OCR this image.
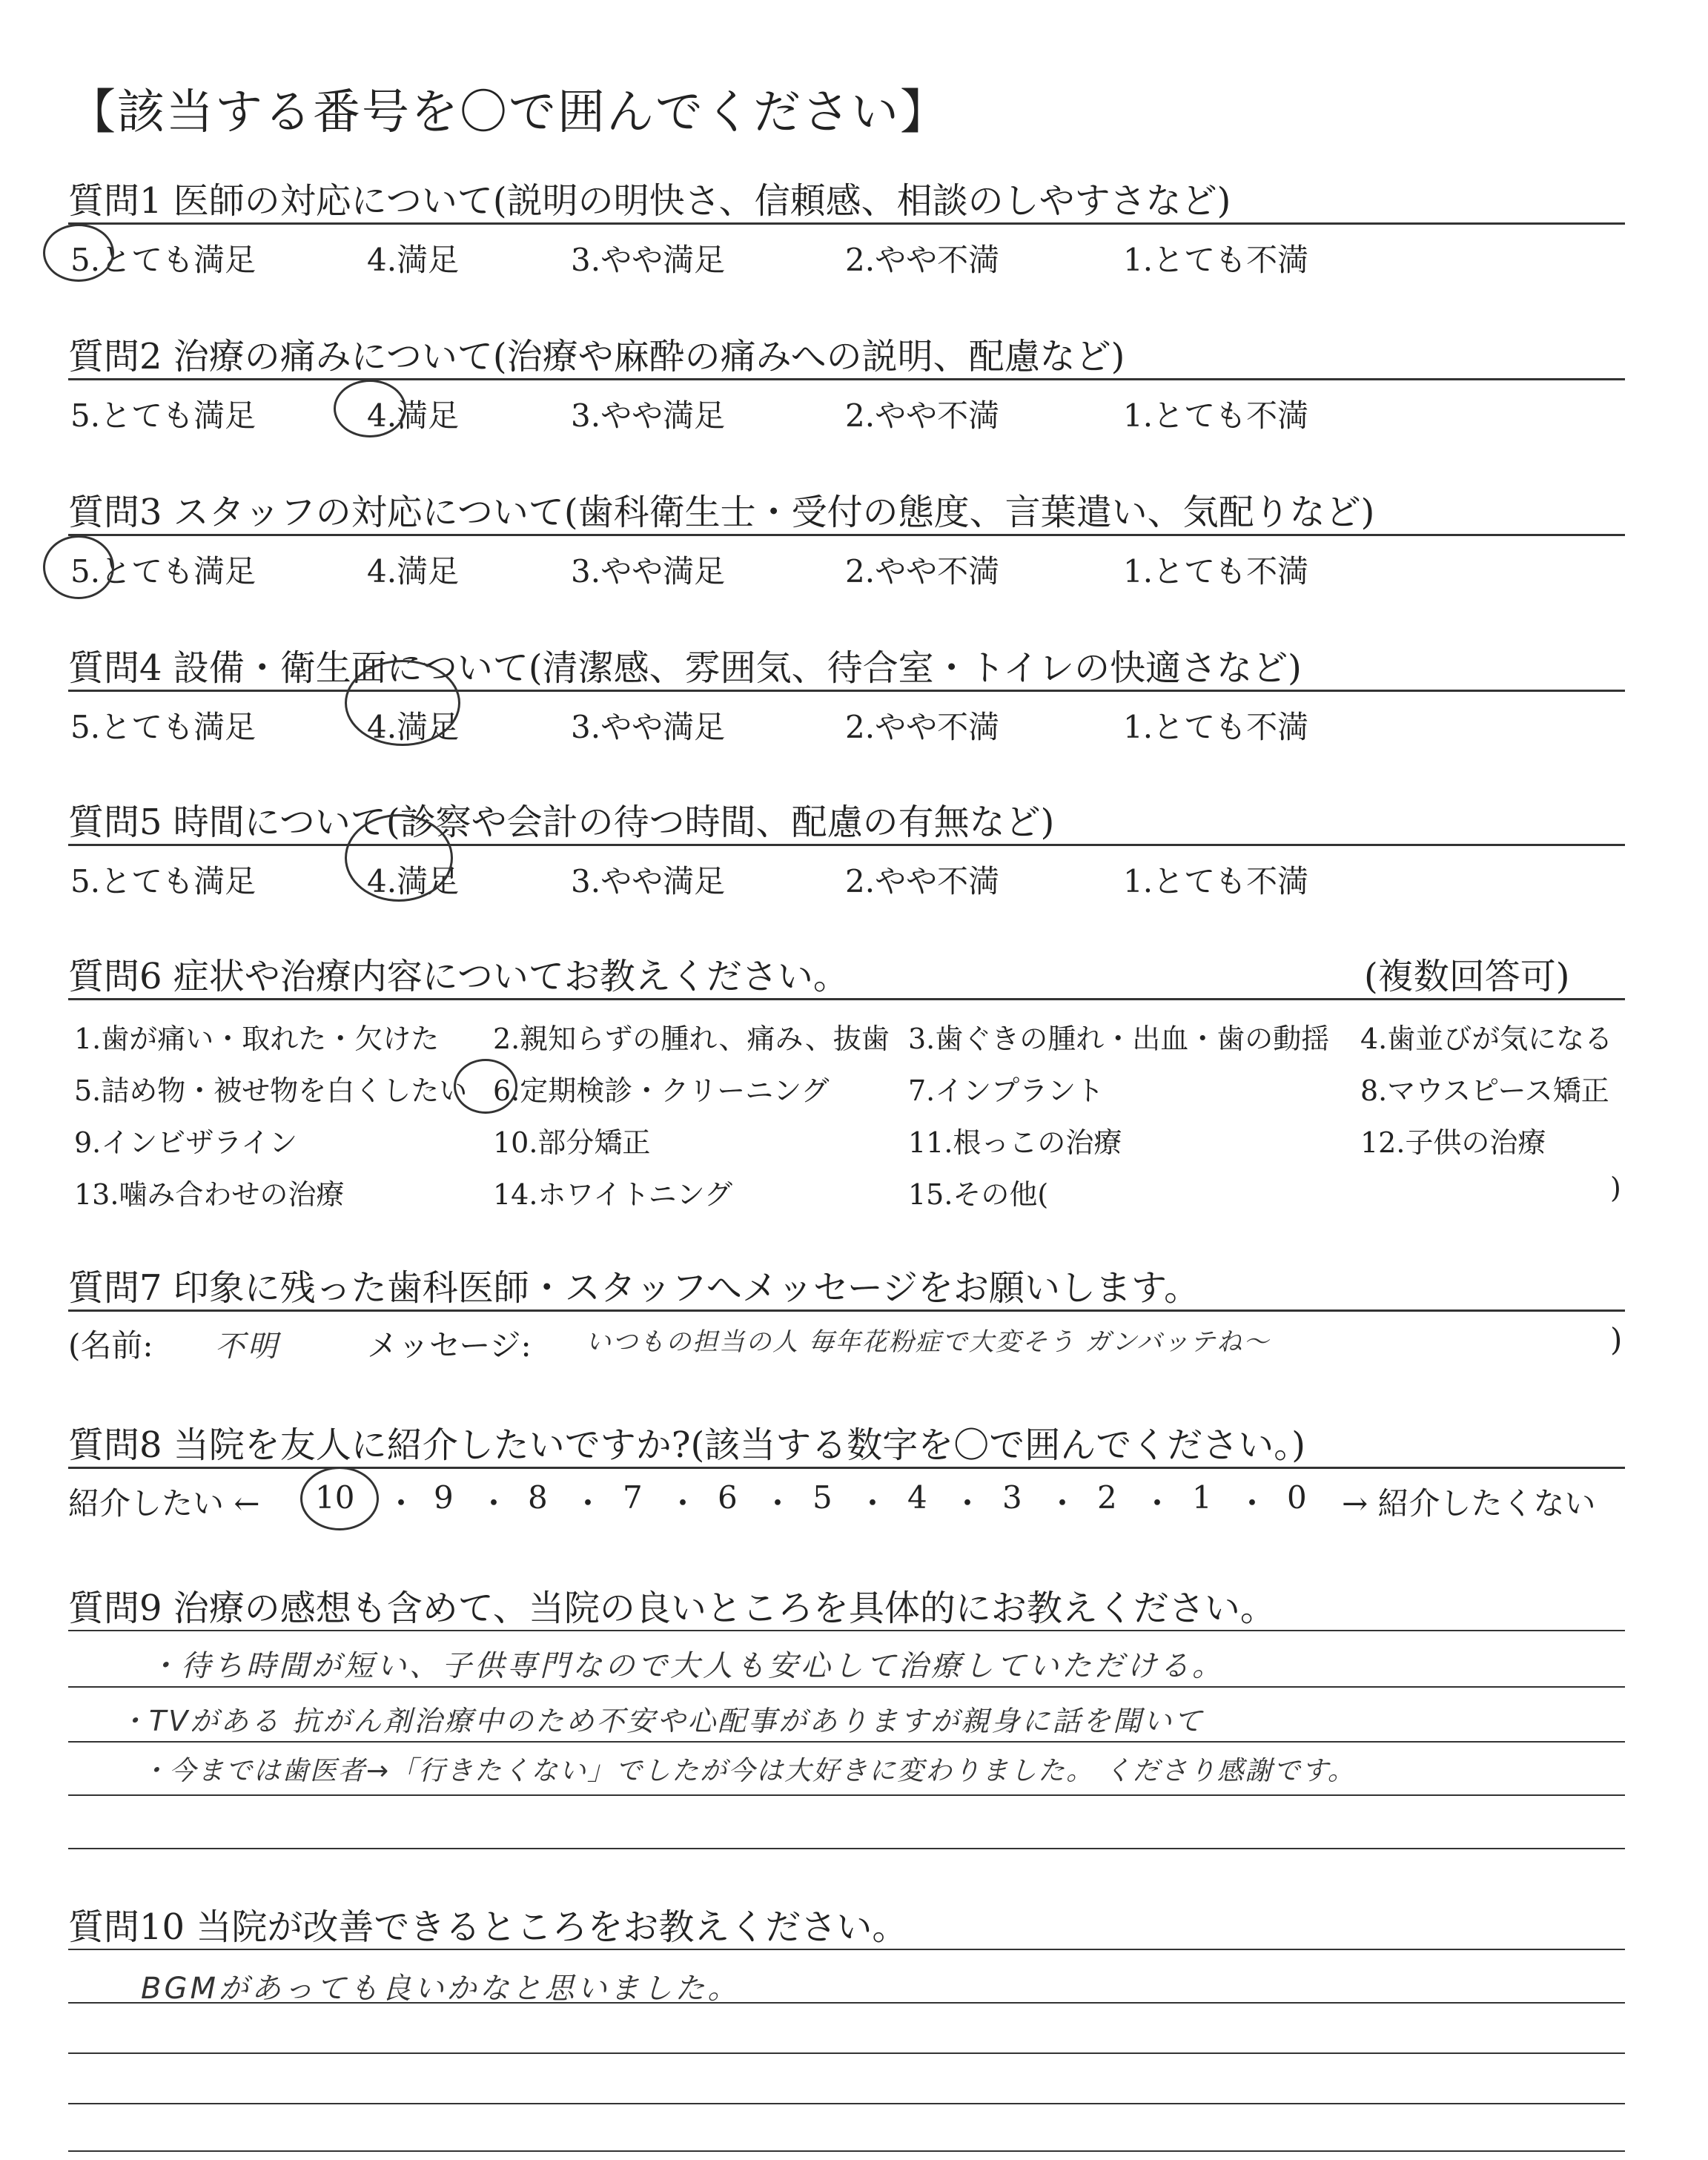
【該当する番号を〇で囲んでください】
質問1 医師の対応について(説明の明快さ、信頼感、相談のしやすさなど)
5.とても満足	4.満足	3.やや満足	2.やや不満	1.とても不満
質問2 治療の痛みについて(治療や麻酔の痛みへの説明、配慮など)
5.とても満足	4.満足	3.やや満足	2.やや不満	1.とても不満
質問3 スタッフの対応について(歯科衛生士・受付の態度、言葉遣い、気配りなど)
5.とても満足	4.満足	3.やや満足	2.やや不満	1.とても不満
質問4 設備・衛生面について(清潔感、雰囲気、待合室・トイレの快適さなど)
5.とても満足	4.満足	3.やや満足	2.やや不満	1.とても不満
質問5 時間について(診察や会計の待つ時間、配慮の有無など)
5.とても満足	4.満足	3.やや満足	2.やや不満	1.とても不満
質問6 症状や治療内容についてお教えください。	(複数回答可)
1.歯が痛い・取れた・欠けた 2.親知らずの腫れ、痛み、抜歯 3.歯ぐきの腫れ・出血・歯の動揺 4.歯並びが気になる
5.詰め物・被せ物を白くしたい 6.定期検診・クリーニング	7.インプラント	8.マウスピース矯正
9.インビザライン	10.部分矯正	11.根っこの治療	12.子供の治療
13.噛み合わせの治療	14.ホワイトニング	15.その他(	)
質問7 印象に残った歯科医師・スタッフへメッセージをお願いします。
(名前: 不明	メッセージ: いつもの担当の人 毎年花粉症で大変そう ガンバッテね〜	)
質問8 当院を友人に紹介したいですか?(該当する数字を〇で囲んでください。)
紹介したい ← 10 ・ 9 ・ 8 ・ 7 ・ 6 ・ 5 ・ 4 ・ 3 ・ 2 ・ 1 ・ 0 → 紹介したくない
質問9 治療の感想も含めて、当院の良いところを具体的にお教えください。
・待ち時間が短い、子供専門なので大人も安心して治療していただける。
・TVがある 抗がん剤治療中のため不安や心配事がありますが親身に話を聞いて
・今までは歯医者→「行きたくない」でしたが今は大好きに変わりました。 くださり感謝です。
質問10 当院が改善できるところをお教えください。
BGMがあっても良いかなと思いました。
